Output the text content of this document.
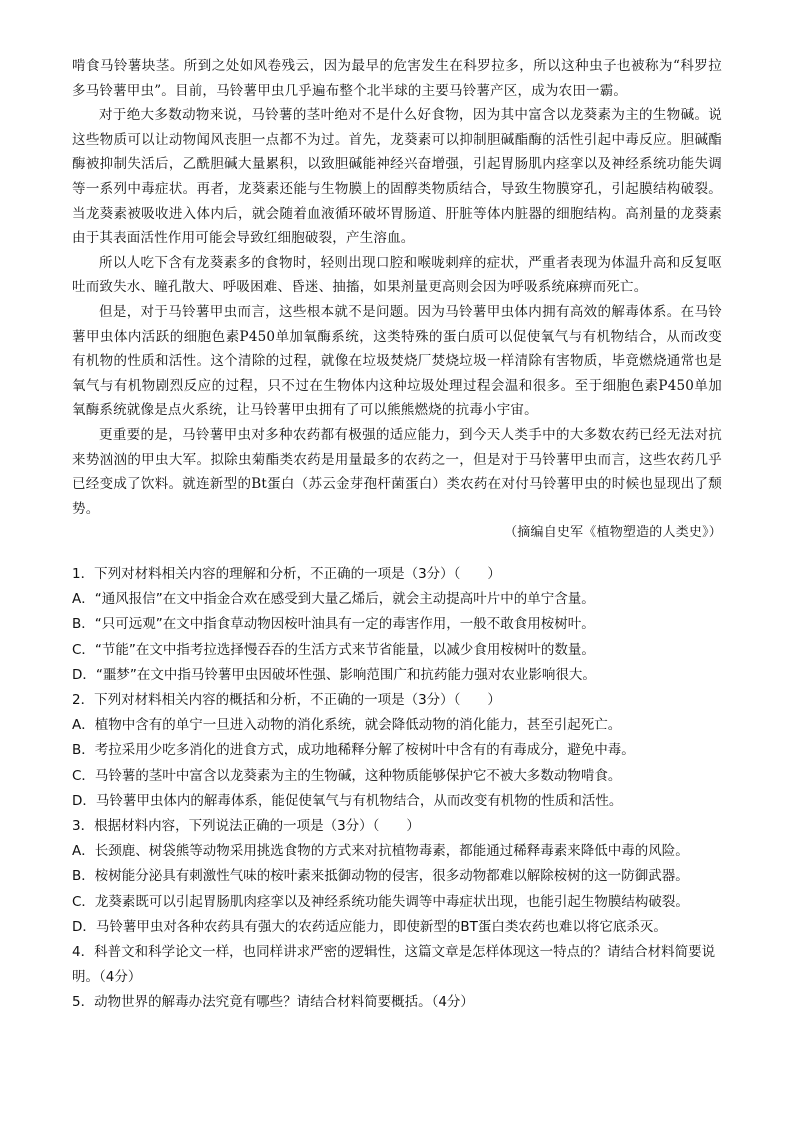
啃食马铃薯块茎。所到之处如风卷残云，因为最早的危害发生在科罗拉多，所以这种虫子也被称为“科罗拉多马铃薯甲虫”。目前，马铃薯甲虫几乎遍布整个北半球的主要马铃薯产区，成为农田一霸。

对于绝大多数动物来说，马铃薯的茎叶绝对不是什么好食物，因为其中富含以龙葵素为主的生物碱。说这些物质可以让动物闻风丧胆一点都不为过。首先，龙葵素可以抑制胆碱酯酶的活性引起中毒反应。胆碱酯酶被抑制失活后，乙酰胆碱大量累积，以致胆碱能神经兴奋增强，引起胃肠肌内痉挛以及神经系统功能失调等一系列中毒症状。再者，龙葵素还能与生物膜上的固醇类物质结合，导致生物膜穿孔，引起膜结构破裂。当龙葵素被吸收进入体内后，就会随着血液循环破坏胃肠道、肝脏等体内脏器的细胞结构。高剂量的龙葵素由于其表面活性作用可能会导致红细胞破裂，产生溶血。

所以人吃下含有龙葵素多的食物时，轻则出现口腔和喉咙刺痒的症状，严重者表现为体温升高和反复呕吐而致失水、瞳孔散大、呼吸困难、昏迷、抽搐，如果剂量更高则会因为呼吸系统麻痹而死亡。

但是，对于马铃薯甲虫而言，这些根本就不是问题。因为马铃薯甲虫体内拥有高效的解毒体系。在马铃薯甲虫体内活跃的细胞色素P450单加氧酶系统，这类特殊的蛋白质可以促使氧气与有机物结合，从而改变有机物的性质和活性。这个清除的过程，就像在垃圾焚烧厂焚烧垃圾一样清除有害物质，毕竟燃烧通常也是氧气与有机物剧烈反应的过程，只不过在生物体内这种垃圾处理过程会温和很多。至于细胞色素P450单加氧酶系统就像是点火系统，让马铃薯甲虫拥有了可以熊熊燃烧的抗毒小宇宙。

更重要的是，马铃薯甲虫对多种农药都有极强的适应能力，到今天人类手中的大多数农药已经无法对抗来势汹汹的甲虫大军。拟除虫菊酯类农药是用量最多的农药之一，但是对于马铃薯甲虫而言，这些农药几乎已经变成了饮料。就连新型的Bt蛋白（苏云金芽孢杆菌蛋白）类农药在对付马铃薯甲虫的时候也显现出了颓势。

（摘编自史军《植物塑造的人类史》）

1．下列对材料相关内容的理解和分析，不正确的一项是（3分）（　　）

A．“通风报信”在文中指金合欢在感受到大量乙烯后，就会主动提高叶片中的单宁含量。

B．“只可远观”在文中指食草动物因桉叶油具有一定的毒害作用，一般不敢食用桉树叶。

C．“节能”在文中指考拉选择慢吞吞的生活方式来节省能量，以减少食用桉树叶的数量。

D．“噩梦”在文中指马铃薯甲虫因破坏性强、影响范围广和抗药能力强对农业影响很大。

2．下列对材料相关内容的概括和分析，不正确的一项是（3分）（　　）

A．植物中含有的单宁一旦进入动物的消化系统，就会降低动物的消化能力，甚至引起死亡。

B．考拉采用少吃多消化的进食方式，成功地稀释分解了桉树叶中含有的有毒成分，避免中毒。

C．马铃薯的茎叶中富含以龙葵素为主的生物碱，这种物质能够保护它不被大多数动物啃食。

D．马铃薯甲虫体内的解毒体系，能促使氧气与有机物结合，从而改变有机物的性质和活性。

3．根据材料内容，下列说法正确的一项是（3分）（　　）

A．长颈鹿、树袋熊等动物采用挑选食物的方式来对抗植物毒素，都能通过稀释毒素来降低中毒的风险。

B．桉树能分泌具有刺激性气味的桉叶素来抵御动物的侵害，很多动物都难以解除桉树的这一防御武器。

C．龙葵素既可以引起胃肠肌肉痉挛以及神经系统功能失调等中毒症状出现，也能引起生物膜结构破裂。

D．马铃薯甲虫对各种农药具有强大的农药适应能力，即使新型的BT蛋白类农药也难以将它底杀灭。

4．科普文和科学论文一样，也同样讲求严密的逻辑性，这篇文章是怎样体现这一特点的？请结合材料简要说明。（4分）

5．动物世界的解毒办法究竟有哪些？请结合材料简要概括。（4分）
